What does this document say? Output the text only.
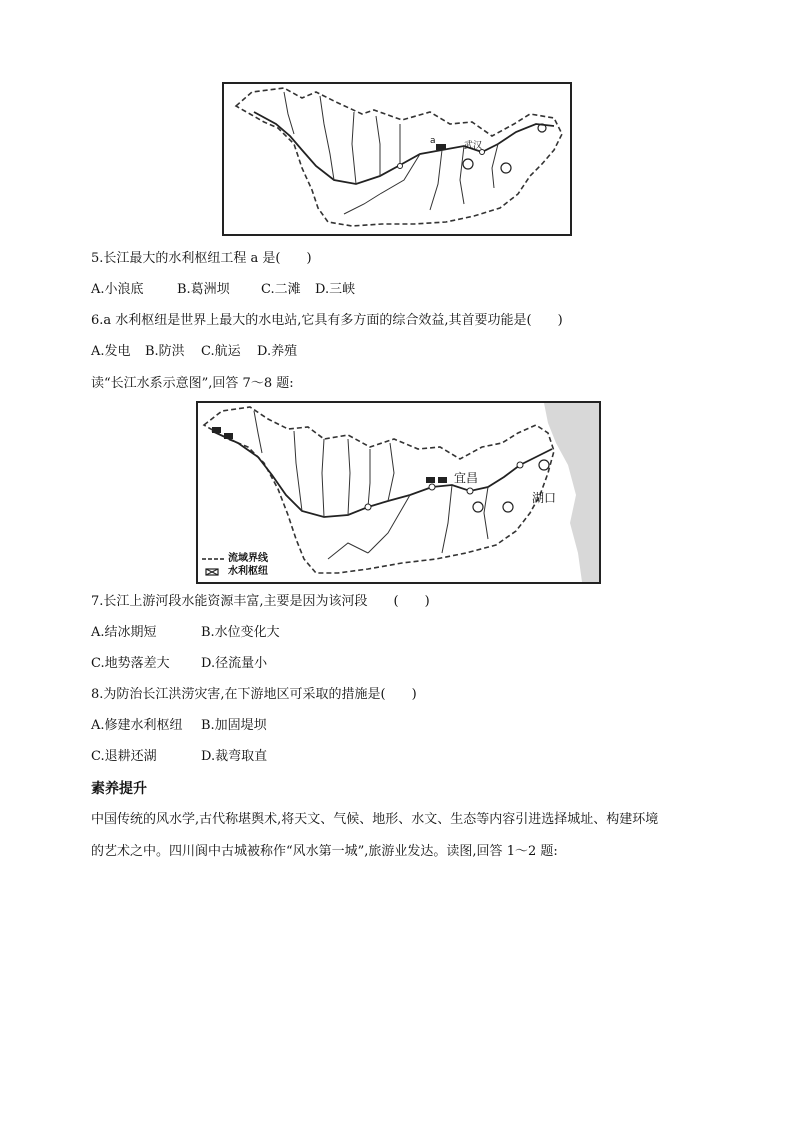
a	武汉
5.长江最大的水利枢纽工程 a 是(　　)
A.小浪底	B.葛洲坝 C.二滩 D.三峡
6.a 水利枢纽是世界上最大的水电站,它具有多方面的综合效益,其首要功能是(　　)
A.发电 B.防洪 C.航运 D.养殖
读“长江水系示意图”,回答 7～8 题:
宜昌
湖口
流域界线
水利枢纽
7.长江上游河段水能资源丰富,主要是因为该河段　　(　　)
A.结冰期短	B.水位变化大
C.地势落差大 D.径流量小
8.为防治长江洪涝灾害,在下游地区可采取的措施是(　　)
A.修建水利枢纽 B.加固堤坝
C.退耕还湖	D.裁弯取直
素养提升
中国传统的风水学,古代称堪舆术,将天文、气候、地形、水文、生态等内容引进选择城址、构建环境
的艺术之中。四川阆中古城被称作“风水第一城”,旅游业发达。读图,回答 1～2 题:
